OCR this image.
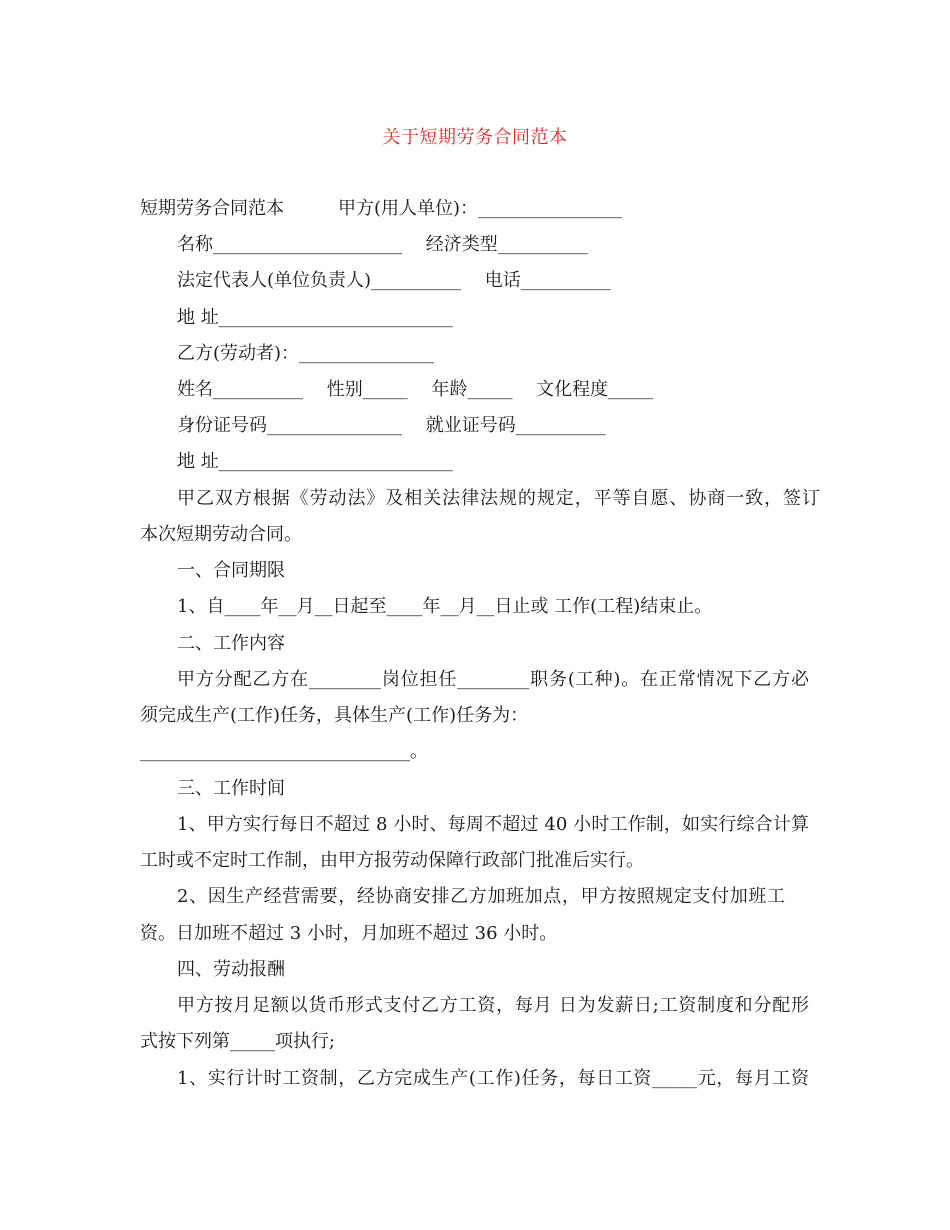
关于短期劳务合同范本
短期劳务合同范本　　　甲方(用人单位)：________________
名称_____________________　 经济类型__________
法定代表人(单位负责人)__________　 电话__________
地 址__________________________
乙方(劳动者)：_______________
姓名__________　 性别_____　 年龄_____　 文化程度_____
身份证号码_______________　 就业证号码__________
地 址__________________________
甲乙双方根据《劳动法》及相关法律法规的规定，平等自愿、协商一致，签订
本次短期劳动合同。
一、合同期限
1、自____年__月__日起至____年__月__日止或 工作(工程)结束止。
二、工作内容
甲方分配乙方在________岗位担任________职务(工种)。在正常情况下乙方必
须完成生产(工作)任务，具体生产(工作)任务为：
______________________________。
三、工作时间
1、甲方实行每日不超过 8 小时、每周不超过 40 小时工作制，如实行综合计算
工时或不定时工作制，由甲方报劳动保障行政部门批准后实行。
2、因生产经营需要，经协商安排乙方加班加点，甲方按照规定支付加班工
资。日加班不超过 3 小时，月加班不超过 36 小时。
四、劳动报酬
甲方按月足额以货币形式支付乙方工资，每月 日为发薪日;工资制度和分配形
式按下列第_____项执行;
1、实行计时工资制，乙方完成生产(工作)任务，每日工资_____元，每月工资
